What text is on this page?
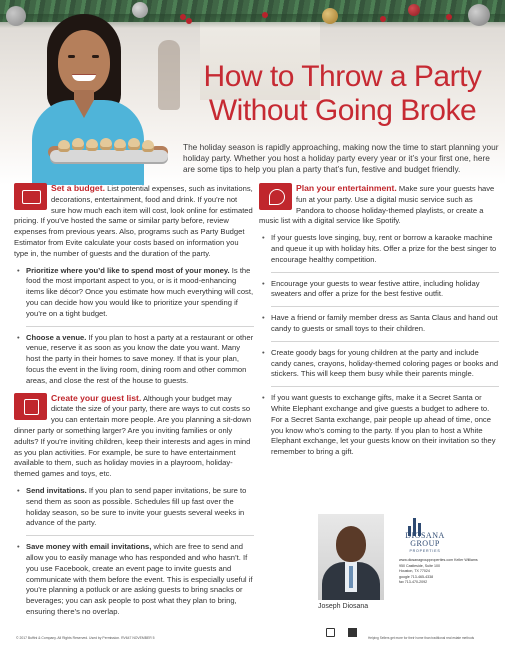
How to Throw a Party
Without Going Broke

The holiday season is rapidly approaching, making now the time to start planning your holiday party. Whether you host a holiday party every year or it’s your first one, here are some tips to help you plan a party that’s fun, festive and budget friendly.

Set a budget. List potential expenses, such as invitations, decorations, entertainment, food and drink. If you’re not sure how much each item will cost, look online for estimated pricing. If you’ve hosted the same or similar party before, review expenses from previous years. Also, programs such as Party Budget Estimator from Evite calculate your costs based on information you type in, the number of guests and the duration of the party.
• Prioritize where you’d like to spend most of your money. Is the food the most important aspect to you, or is it mood-enhancing items like décor? Once you estimate how much everything will cost, you can decide how you would like to prioritize your spending if you’re on a tight budget.
• Choose a venue. If you plan to host a party at a restaurant or other venue, reserve it as soon as you know the date you want. Many host the party in their homes to save money. If that is your plan, focus the event in the living room, dining room and other common areas, and close the rest of the house to guests.
Create your guest list. Although your budget may dictate the size of your party, there are ways to cut costs so you can entertain more people. Are you planning a sit-down dinner party or something larger? Are you inviting families or only adults? If you’re inviting children, keep their interests and ages in mind as you plan activities. For example, be sure to have entertainment available to them, such as holiday movies in a playroom, holiday-themed games and toys, etc.
• Send invitations. If you plan to send paper invitations, be sure to send them as soon as possible. Schedules fill up fast over the holiday season, so be sure to invite your guests several weeks in advance of the party.
• Save money with email invitations, which are free to send and allow you to easily manage who has responded and who hasn’t. If you use Facebook, create an event page to invite guests and communicate with them before the event. This is especially useful if you’re planning a potluck or are asking guests to bring snacks or beverages; you can ask people to post what they plan to bring, ensuring there’s no overlap.
Plan your entertainment. Make sure your guests have fun at your party. Use a digital music service such as Pandora to choose holiday-themed playlists, or create a music list with a digital service like Spotify.
• If your guests love singing, buy, rent or borrow a karaoke machine and queue it up with holiday hits. Offer a prize for the best singer to encourage healthy competition.
• Encourage your guests to wear festive attire, including holiday sweaters and offer a prize for the best festive outfit.
• Have a friend or family member dress as Santa Claus and hand out candy to guests or small toys to their children.
• Create goody bags for young children at the party and include candy canes, crayons, holiday-themed coloring pages or books and stickers. This will keep them busy while their parents mingle.
• If you want guests to exchange gifts, make it a Secret Santa or White Elephant exchange and give guests a budget to adhere to. For a Secret Santa exchange, pair people up ahead of time, once you know who’s coming to the party. If you plan to host a White Elephant exchange, let your guests know on their invitation so they remember to bring a gift.
Joseph Diosana
DIOSANA
GROUP
PROPERTIES
www.diosanagroupproperties.com Keller Williams
950 Castleside, Suite 100
Houston, TX 77024
google 713-465-4338
fax 713-470-2092
© 2017 Buffini & Company. All Rights Reserved. Used by Permission. RV647 NOVEMBER 5	Helping Sellers get more for their home than traditional real estate methods
